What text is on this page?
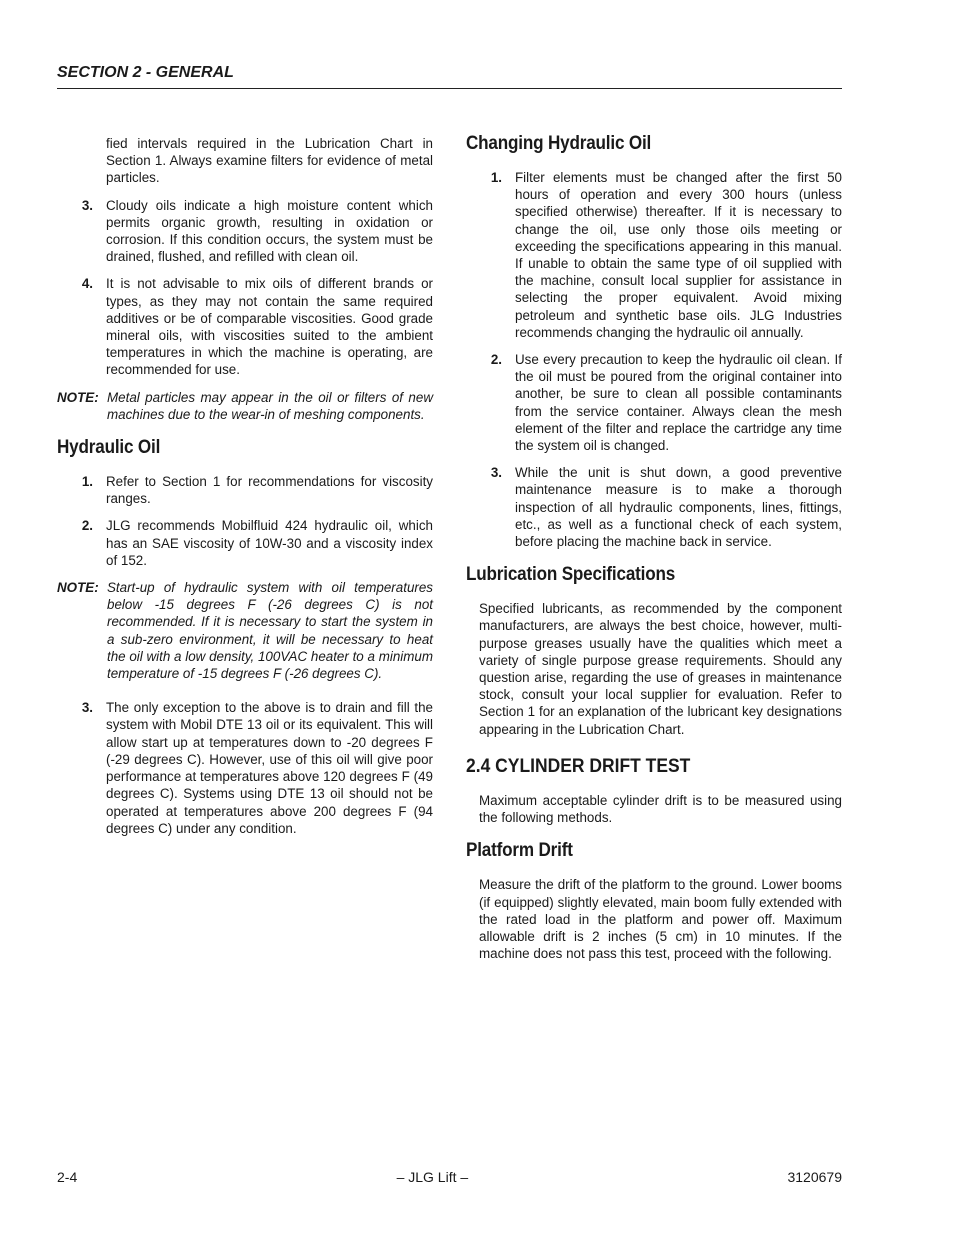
SECTION 2 - GENERAL

fied intervals required in the Lubrication Chart in Section 1. Always examine filters for evidence of metal particles.

3. Cloudy oils indicate a high moisture content which permits organic growth, resulting in oxidation or corrosion. If this condition occurs, the system must be drained, flushed, and refilled with clean oil.
4. It is not advisable to mix oils of different brands or types, as they may not contain the same required additives or be of comparable viscosities. Good grade mineral oils, with viscosities suited to the ambient temperatures in which the machine is operating, are recommended for use.
NOTE: Metal particles may appear in the oil or filters of new machines due to the wear-in of meshing components.
Hydraulic Oil
1. Refer to Section 1 for recommendations for viscosity ranges.
2. JLG recommends Mobilfluid 424 hydraulic oil, which has an SAE viscosity of 10W-30 and a viscosity index of 152.
NOTE: Start-up of hydraulic system with oil temperatures below -15 degrees F (-26 degrees C) is not recommended. If it is necessary to start the system in a sub-zero environment, it will be necessary to heat the oil with a low density, 100VAC heater to a minimum temperature of -15 degrees F (-26 degrees C).
3. The only exception to the above is to drain and fill the system with Mobil DTE 13 oil or its equivalent. This will allow start up at temperatures down to -20 degrees F (-29 degrees C). However, use of this oil will give poor performance at temperatures above 120 degrees F (49 degrees C). Systems using DTE 13 oil should not be operated at temperatures above 200 degrees F (94 degrees C) under any condition.
Changing Hydraulic Oil
1. Filter elements must be changed after the first 50 hours of operation and every 300 hours (unless specified otherwise) thereafter. If it is necessary to change the oil, use only those oils meeting or exceeding the specifications appearing in this manual. If unable to obtain the same type of oil supplied with the machine, consult local supplier for assistance in selecting the proper equivalent. Avoid mixing petroleum and synthetic base oils. JLG Industries recommends changing the hydraulic oil annually.
2. Use every precaution to keep the hydraulic oil clean. If the oil must be poured from the original container into another, be sure to clean all possible contaminants from the service container. Always clean the mesh element of the filter and replace the cartridge any time the system oil is changed.
3. While the unit is shut down, a good preventive maintenance measure is to make a thorough inspection of all hydraulic components, lines, fittings, etc., as well as a functional check of each system, before placing the machine back in service.
Lubrication Specifications

Specified lubricants, as recommended by the component manufacturers, are always the best choice, however, multi-purpose greases usually have the qualities which meet a variety of single purpose grease requirements. Should any question arise, regarding the use of greases in maintenance stock, consult your local supplier for evaluation. Refer to Section 1 for an explanation of the lubricant key designations appearing in the Lubrication Chart.

2.4 CYLINDER DRIFT TEST

Maximum acceptable cylinder drift is to be measured using the following methods.

Platform Drift

Measure the drift of the platform to the ground. Lower booms (if equipped) slightly elevated, main boom fully extended with the rated load in the platform and power off. Maximum allowable drift is 2 inches (5 cm) in 10 minutes. If the machine does not pass this test, proceed with the following.

2-4	– JLG Lift –	3120679
